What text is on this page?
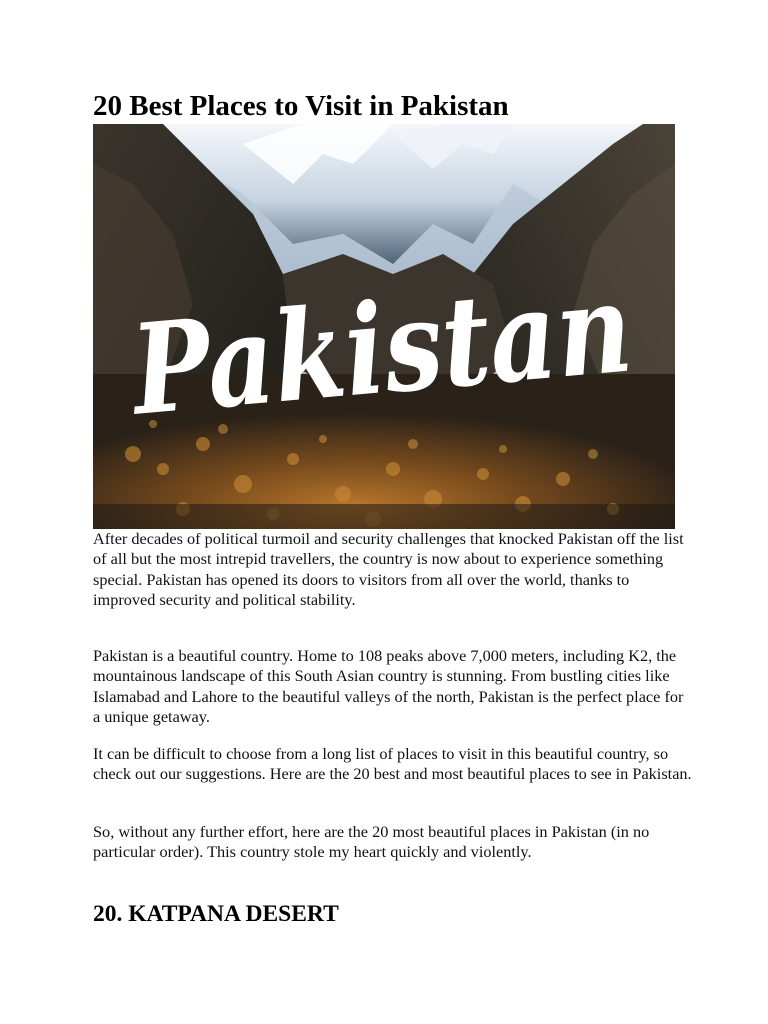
20 Best Places to Visit in Pakistan
Pakistan

After decades of political turmoil and security challenges that knocked Pakistan off the list of all but the most intrepid travellers, the country is now about to experience something special. Pakistan has opened its doors to visitors from all over the world, thanks to improved security and political stability.

Pakistan is a beautiful country. Home to 108 peaks above 7,000 meters, including K2, the mountainous landscape of this South Asian country is stunning. From bustling cities like Islamabad and Lahore to the beautiful valleys of the north, Pakistan is the perfect place for a unique getaway.

It can be difficult to choose from a long list of places to visit in this beautiful country, so check out our suggestions. Here are the 20 best and most beautiful places to see in Pakistan.

So, without any further effort, here are the 20 most beautiful places in Pakistan (in no particular order). This country stole my heart quickly and violently.

20. KATPANA DESERT
